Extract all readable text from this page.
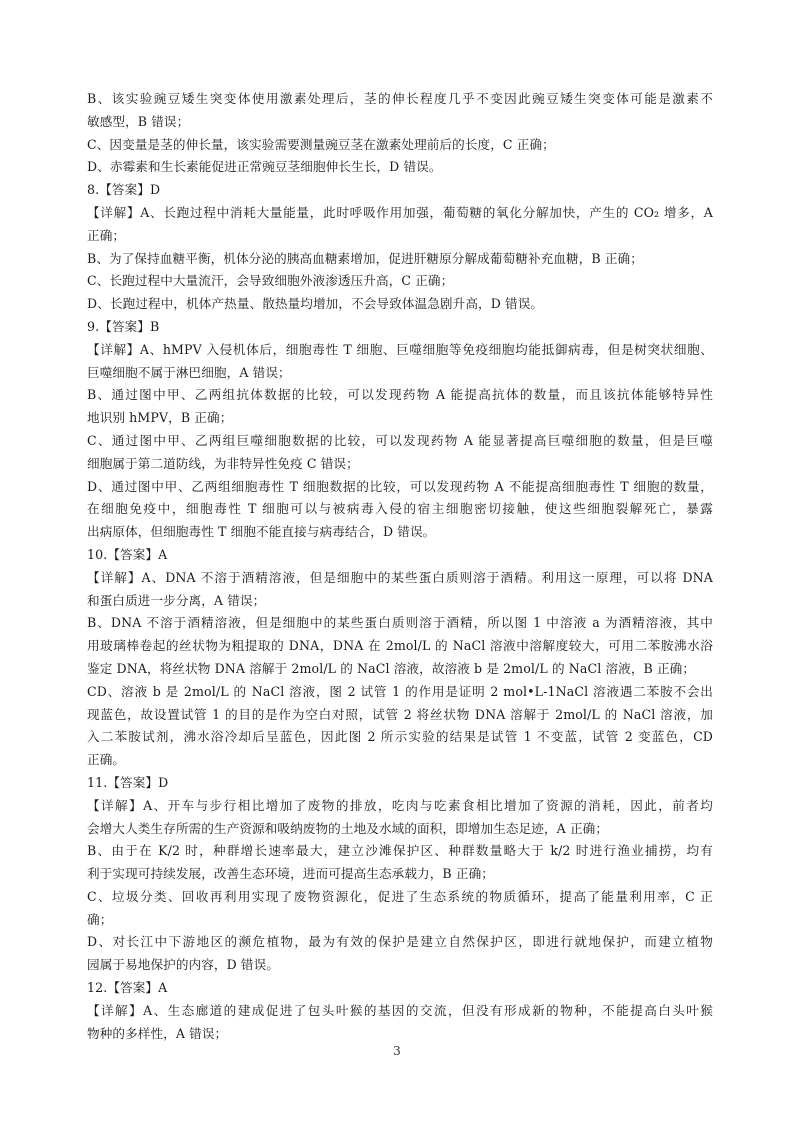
B、该实验豌豆矮生突变体使用激素处理后，茎的伸长程度几乎不变因此豌豆矮生突变体可能是激素不
敏感型，B 错误；
C、因变量是茎的伸长量，该实验需要测量豌豆茎在激素处理前后的长度，C 正确；
D、赤霉素和生长素能促进正常豌豆茎细胞伸长生长，D 错误。
8.【答案】D
【详解】A、长跑过程中消耗大量能量，此时呼吸作用加强，葡萄糖的氧化分解加快，产生的 CO₂ 增多，A
正确；
B、为了保持血糖平衡，机体分泌的胰高血糖素增加，促进肝糖原分解成葡萄糖补充血糖，B 正确；
C、长跑过程中大量流汗，会导致细胞外液渗透压升高，C 正确；
D、长跑过程中，机体产热量、散热量均增加，不会导致体温急剧升高，D 错误。
9.【答案】B
【详解】A、hMPV 入侵机体后，细胞毒性 T 细胞、巨噬细胞等免疫细胞均能抵御病毒，但是树突状细胞、
巨噬细胞不属于淋巴细胞，A 错误；
B、通过图中甲、乙两组抗体数据的比较，可以发现药物 A 能提高抗体的数量，而且该抗体能够特异性
地识别 hMPV，B 正确；
C、通过图中甲、乙两组巨噬细胞数据的比较，可以发现药物 A 能显著提高巨噬细胞的数量，但是巨噬
细胞属于第二道防线，为非特异性免疫 C 错误；
D、通过图中甲、乙两组细胞毒性 T 细胞数据的比较，可以发现药物 A 不能提高细胞毒性 T 细胞的数量，
在细胞免疫中，细胞毒性 T 细胞可以与被病毒入侵的宿主细胞密切接触，使这些细胞裂解死亡，暴露
出病原体，但细胞毒性 T 细胞不能直接与病毒结合，D 错误。
10.【答案】A
【详解】A、DNA 不溶于酒精溶液，但是细胞中的某些蛋白质则溶于酒精。利用这一原理，可以将 DNA
和蛋白质进一步分离，A 错误；
B、DNA 不溶于酒精溶液，但是细胞中的某些蛋白质则溶于酒精，所以图 1 中溶液 a 为酒精溶液，其中
用玻璃棒卷起的丝状物为粗提取的 DNA，DNA 在 2mol/L 的 NaCl 溶液中溶解度较大，可用二苯胺沸水浴
鉴定 DNA，将丝状物 DNA 溶解于 2mol/L 的 NaCl 溶液，故溶液 b 是 2mol/L 的 NaCl 溶液，B 正确；
CD、溶液 b 是 2mol/L 的 NaCl 溶液，图 2 试管 1 的作用是证明 2 mol•L-1NaCl 溶液遇二苯胺不会出
现蓝色，故设置试管 1 的目的是作为空白对照，试管 2 将丝状物 DNA 溶解于 2mol/L 的 NaCl 溶液，加
入二苯胺试剂，沸水浴冷却后呈蓝色，因此图 2 所示实验的结果是试管 1 不变蓝，试管 2 变蓝色，CD
正确。
11.【答案】D
【详解】A、开车与步行相比增加了废物的排放，吃肉与吃素食相比增加了资源的消耗，因此，前者均
会增大人类生存所需的生产资源和吸纳废物的土地及水域的面积，即增加生态足迹，A 正确；
B、由于在 K/2 时，种群增长速率最大，建立沙滩保护区、种群数量略大于 k/2 时进行渔业捕捞，均有
利于实现可持续发展，改善生态环境，进而可提高生态承载力，B 正确；
C、垃圾分类、回收再利用实现了废物资源化，促进了生态系统的物质循环，提高了能量利用率，C 正
确；
D、对长江中下游地区的濒危植物，最为有效的保护是建立自然保护区，即进行就地保护，而建立植物
园属于易地保护的内容，D 错误。
12.【答案】A
【详解】A、生态廊道的建成促进了包头叶猴的基因的交流，但没有形成新的物种，不能提高白头叶猴
物种的多样性，A 错误；
3
